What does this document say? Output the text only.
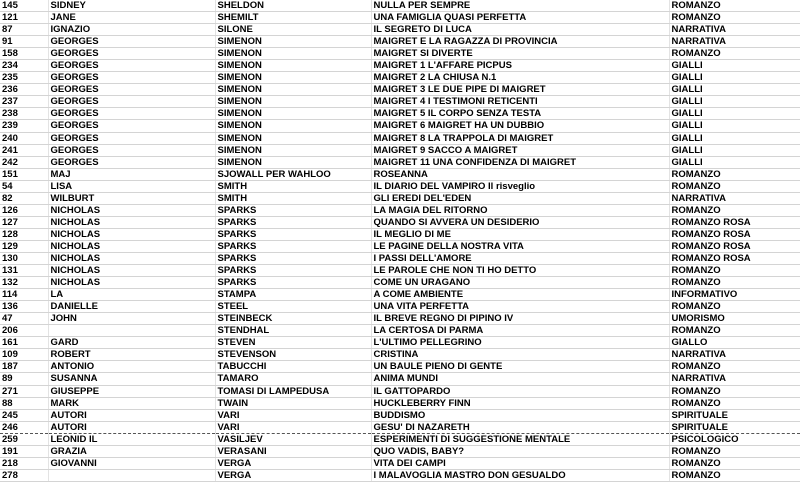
145	SIDNEY	SHELDON	NULLA PER SEMPRE	ROMANZO
121	JANE	SHEMILT	UNA FAMIGLIA QUASI PERFETTA	ROMANZO
87	IGNAZIO	SILONE	IL SEGRETO DI LUCA	NARRATIVA
91	GEORGES	SIMENON	MAIGRET E LA RAGAZZA DI PROVINCIA	NARRATIVA
158	GEORGES	SIMENON	MAIGRET SI DIVERTE	ROMANZO
234	GEORGES	SIMENON	MAIGRET 1 L'AFFARE PICPUS	GIALLI
235	GEORGES	SIMENON	MAIGRET 2 LA CHIUSA N.1	GIALLI
236	GEORGES	SIMENON	MAIGRET 3 LE DUE PIPE DI MAIGRET	GIALLI
237	GEORGES	SIMENON	MAIGRET 4 I TESTIMONI RETICENTI	GIALLI
238	GEORGES	SIMENON	MAIGRET 5 IL CORPO SENZA TESTA	GIALLI
239	GEORGES	SIMENON	MAIGRET 6 MAIGRET HA UN DUBBIO	GIALLI
240	GEORGES	SIMENON	MAIGRET 8 LA TRAPPOLA DI MAIGRET	GIALLI
241	GEORGES	SIMENON	MAIGRET 9 SACCO A MAIGRET	GIALLI
242	GEORGES	SIMENON	MAIGRET 11 UNA CONFIDENZA DI MAIGRET	GIALLI
151	MAJ	SJOWALL PER WAHLOO	ROSEANNA	ROMANZO
54	LISA	SMITH	IL DIARIO DEL VAMPIRO Il risveglio	ROMANZO
82	WILBURT	SMITH	GLI EREDI DEL'EDEN	NARRATIVA
126	NICHOLAS	SPARKS	LA MAGIA DEL RITORNO	ROMANZO
127	NICHOLAS	SPARKS	QUANDO SI AVVERA UN DESIDERIO	ROMANZO ROSA
128	NICHOLAS	SPARKS	IL MEGLIO DI ME	ROMANZO ROSA
129	NICHOLAS	SPARKS	LE PAGINE DELLA NOSTRA VITA	ROMANZO ROSA
130	NICHOLAS	SPARKS	I PASSI DELL'AMORE	ROMANZO ROSA
131	NICHOLAS	SPARKS	LE PAROLE CHE NON TI HO DETTO	ROMANZO
132	NICHOLAS	SPARKS	COME UN URAGANO	ROMANZO
114	LA	STAMPA	A COME AMBIENTE	INFORMATIVO
136	DANIELLE	STEEL	UNA VITA PERFETTA	ROMANZO
47	JOHN	STEINBECK	IL BREVE REGNO DI PIPINO IV	UMORISMO
206		STENDHAL	LA CERTOSA DI PARMA	ROMANZO
161	GARD	STEVEN	L'ULTIMO PELLEGRINO	GIALLO
109	ROBERT	STEVENSON	CRISTINA	NARRATIVA
187	ANTONIO	TABUCCHI	UN BAULE PIENO DI GENTE	ROMANZO
89	SUSANNA	TAMARO	ANIMA MUNDI	NARRATIVA
271	GIUSEPPE	TOMASI DI LAMPEDUSA	IL GATTOPARDO	ROMANZO
88	MARK	TWAIN	HUCKLEBERRY FINN	ROMANZO
245	AUTORI	VARI	BUDDISMO	SPIRITUALE
246	AUTORI	VARI	GESU' DI NAZARETH	SPIRITUALE
259	LEONID IL	VASILJEV	ESPERIMENTI DI SUGGESTIONE MENTALE	PSICOLOGICO
191	GRAZIA	VERASANI	QUO VADIS, BABY?	ROMANZO
218	GIOVANNI	VERGA	VITA DEI CAMPI	ROMANZO
278		VERGA	I MALAVOGLIA MASTRO DON GESUALDO	ROMANZO
